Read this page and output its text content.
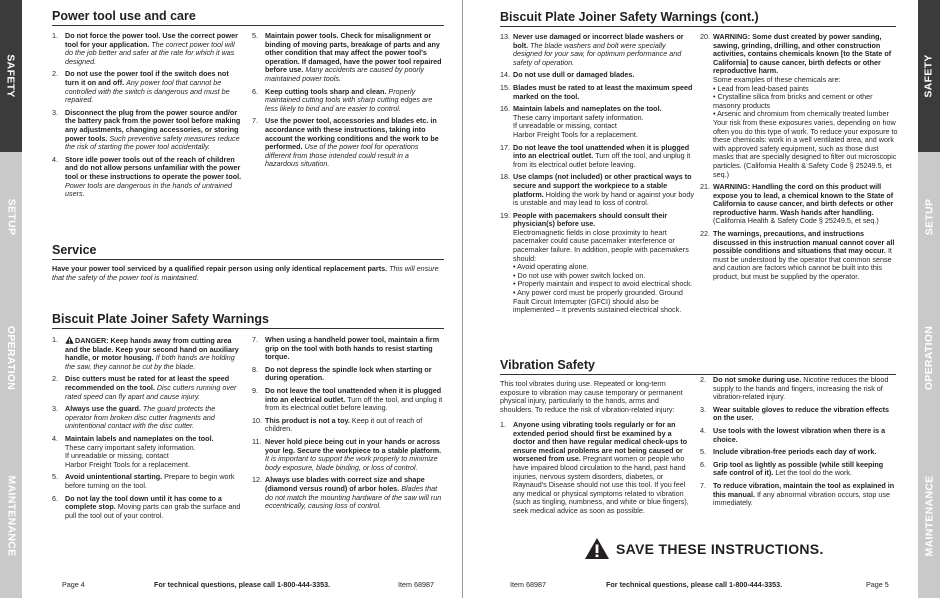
SAFETY
SETUP
OPERATION
MAINTENANCE
Power tool use and care
1. Do not force the power tool. Use the correct power tool for your application. The correct power tool will do the job better and safer at the rate for which it was designed.
2. Do not use the power tool if the switch does not turn it on and off. Any power tool that cannot be controlled with the switch is dangerous and must be repaired.
3. Disconnect the plug from the power source and/or the battery pack from the power tool before making any adjustments, changing accessories, or storing power tools. Such preventive safety measures reduce the risk of starting the power tool accidentally.
4. Store idle power tools out of the reach of children and do not allow persons unfamiliar with the power tool or these instructions to operate the power tool. Power tools are dangerous in the hands of untrained users.
5. Maintain power tools. Check for misalignment or binding of moving parts, breakage of parts and any other condition that may affect the power tool's operation. If damaged, have the power tool repaired before use. Many accidents are caused by poorly maintained power tools.
6. Keep cutting tools sharp and clean. Properly maintained cutting tools with sharp cutting edges are less likely to bind and are easier to control.
7. Use the power tool, accessories and blades etc. in accordance with these instructions, taking into account the working conditions and the work to be performed. Use of the power tool for operations different from those intended could result in a hazardous situation.
Service
Have your power tool serviced by a qualified repair person using only identical replacement parts. This will ensure that the safety of the power tool is maintained.
Biscuit Plate Joiner Safety Warnings
1.	DANGER: Keep hands away from cutting area and the blade. Keep your second hand on auxiliary handle, or motor housing. If both hands are holding the saw, they cannot be cut by the blade.
2. Disc cutters must be rated for at least the speed recommended on the tool. Disc cutters running over rated speed can fly apart and cause injury.
3. Always use the guard. The guard protects the operator from broken disc cutter fragments and unintentional contact with the disc cutter.
4. Maintain labels and nameplates on the tool.
These carry important safety information.
If unreadable or missing, contact
Harbor Freight Tools for a replacement.
5. Avoid unintentional starting. Prepare to begin work before turning on the tool.
6. Do not lay the tool down until it has come to a complete stop. Moving parts can grab the surface and pull the tool out of your control.
7. When using a handheld power tool, maintain a firm grip on the tool with both hands to resist starting torque.
8. Do not depress the spindle lock when starting or during operation.
9. Do not leave the tool unattended when it is plugged into an electrical outlet. Turn off the tool, and unplug it from its electrical outlet before leaving.
10. This product is not a toy. Keep it out of reach of children.
11. Never hold piece being cut in your hands or across your leg. Secure the workpiece to a stable platform. It is important to support the work properly to minimize body exposure, blade binding, or loss of control.
12. Always use blades with correct size and shape (diamond versus round) of arbor holes. Blades that do not match the mounting hardware of the saw will run eccentrically, causing loss of control.
Page 4	For technical questions, please call 1-800-444-3353.	Item 68987
SAFETY
SETUP
OPERATION
MAINTENANCE
Biscuit Plate Joiner Safety Warnings (cont.)
13. Never use damaged or incorrect blade washers or bolt. The blade washers and bolt were specially designed for your saw, for optimum performance and safety of operation.
14. Do not use dull or damaged blades.
15. Blades must be rated to at least the maximum speed marked on the tool.
16. Maintain labels and nameplates on the tool.
These carry important safety information.
If unreadable or missing, contact
Harbor Freight Tools for a replacement.
17. Do not leave the tool unattended when it is plugged into an electrical outlet. Turn off the tool, and unplug it from its electrical outlet before leaving.
18. Use clamps (not included) or other practical ways to secure and support the workpiece to a stable platform. Holding the work by hand or against your body is unstable and may lead to loss of control.
19. People with pacemakers should consult their physician(s) before use.
Electromagnetic fields in close proximity to heart pacemaker could cause pacemaker interference or pacemaker failure. In addition, people with pacemakers should:
• Avoid operating alone.
• Do not use with power switch locked on.
• Properly maintain and inspect to avoid electrical shock.
• Any power cord must be properly grounded. Ground Fault Circuit Interrupter (GFCI) should also be implemented – it prevents sustained electrical shock.
20. WARNING: Some dust created by power sanding, sawing, grinding, drilling, and other construction activities, contains chemicals known [to the State of California] to cause cancer, birth defects or other reproductive harm.
Some examples of these chemicals are:
• Lead from lead-based paints
• Crystalline silica from bricks and cement or other masonry products
• Arsenic and chromium from chemically treated lumber
Your risk from these exposures varies, depending on how often you do this type of work. To reduce your exposure to these chemicals: work in a well ventilated area, and work with approved safety equipment, such as those dust masks that are specially designed to filter out microscopic particles. (California Health & Safety Code § 25249.5, et seq.)
21. WARNING: Handling the cord on this product will expose you to lead, a chemical known to the State of California to cause cancer, and birth defects or other reproductive harm. Wash hands after handling. (California Health & Safety Code § 25249.5, et seq.)
22. The warnings, precautions, and instructions discussed in this instruction manual cannot cover all possible conditions and situations that may occur. It must be understood by the operator that common sense and caution are factors which cannot be built into this product, but must be supplied by the operator.
Vibration Safety
This tool vibrates during use. Repeated or long-term exposure to vibration may cause temporary or permanent physical injury, particularly to the hands, arms and shoulders. To reduce the risk of vibration-related injury:
1. Anyone using vibrating tools regularly or for an extended period should first be examined by a doctor and then have regular medical check-ups to ensure medical problems are not being caused or worsened from use. Pregnant women or people who have impaired blood circulation to the hand, past hand injuries, nervous system disorders, diabetes, or Raynaud's Disease should not use this tool. If you feel any medical or physical symptoms related to vibration (such as tingling, numbness, and white or blue fingers), seek medical advice as soon as possible.
2. Do not smoke during use. Nicotine reduces the blood supply to the hands and fingers, increasing the risk of vibration-related injury.
3. Wear suitable gloves to reduce the vibration effects on the user.
4. Use tools with the lowest vibration when there is a choice.
5. Include vibration-free periods each day of work.
6. Grip tool as lightly as possible (while still keeping safe control of it). Let the tool do the work.
7. To reduce vibration, maintain the tool as explained in this manual. If any abnormal vibration occurs, stop use immediately.
SAVE THESE INSTRUCTIONS.
Item 68987	For technical questions, please call 1-800-444-3353.	Page 5
